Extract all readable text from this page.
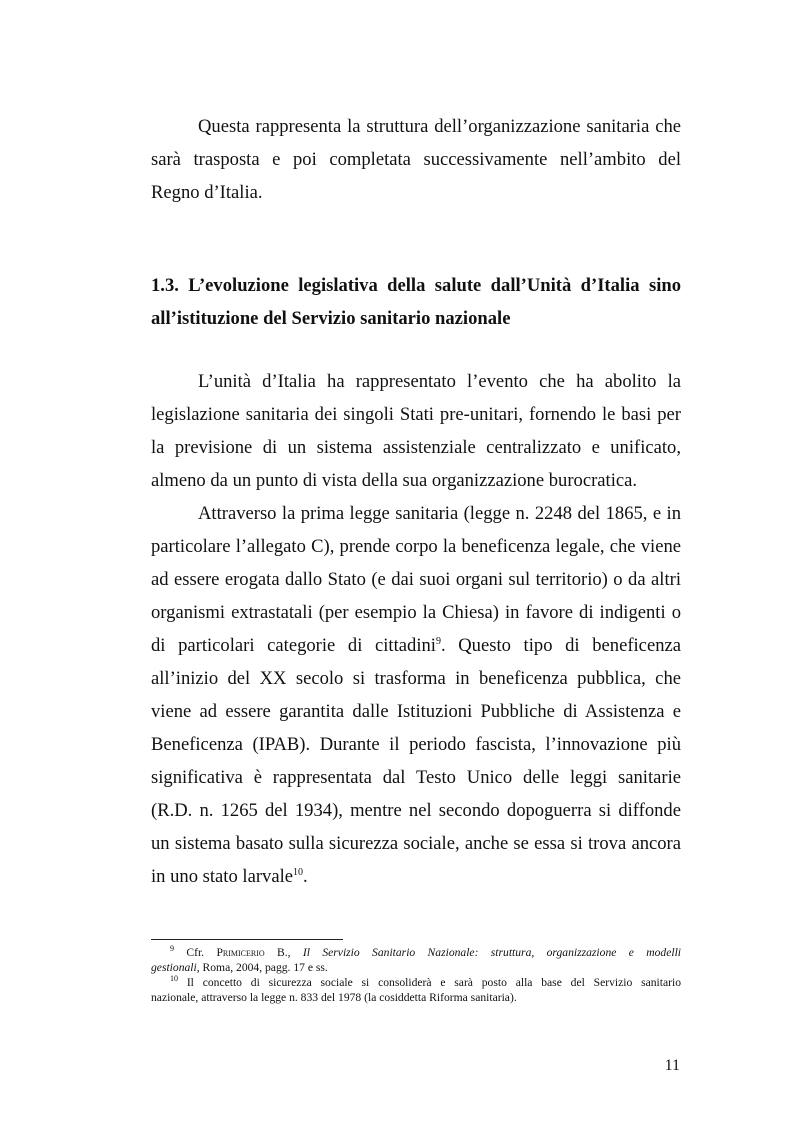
Questa rappresenta la struttura dell’organizzazione sanitaria che
sarà trasposta e poi completata successivamente nell’ambito del
Regno d’Italia.
1.3. L’evoluzione legislativa della salute dall’Unità d’Italia sino
all’istituzione del Servizio sanitario nazionale
L’unità d’Italia ha rappresentato l’evento che ha abolito la
legislazione sanitaria dei singoli Stati pre-unitari, fornendo le basi per
la previsione di un sistema assistenziale centralizzato e unificato,
almeno da un punto di vista della sua organizzazione burocratica.
Attraverso la prima legge sanitaria (legge n. 2248 del 1865, e in
particolare l’allegato C), prende corpo la beneficenza legale, che viene
ad essere erogata dallo Stato (e dai suoi organi sul territorio) o da altri
organismi extrastatali (per esempio la Chiesa) in favore di indigenti o
di particolari categorie di cittadini$^9$. Questo tipo di beneficenza
all’inizio del XX secolo si trasforma in beneficenza pubblica, che
viene ad essere garantita dalle Istituzioni Pubbliche di Assistenza e
Beneficenza (IPAB). Durante il periodo fascista, l’innovazione più
significativa è rappresentata dal Testo Unico delle leggi sanitarie
(R.D. n. 1265 del 1934), mentre nel secondo dopoguerra si diffonde
un sistema basato sulla sicurezza sociale, anche se essa si trova ancora
in uno stato larvale$^{10}$.
$^9$ Cfr. Primicerio B., Il Servizio Sanitario Nazionale: struttura, organizzazione e modelli
gestionali, Roma, 2004, pagg. 17 e ss.
$^{10}$ Il concetto di sicurezza sociale si consoliderà e sarà posto alla base del Servizio sanitario
nazionale, attraverso la legge n. 833 del 1978 (la cosiddetta Riforma sanitaria).
11
